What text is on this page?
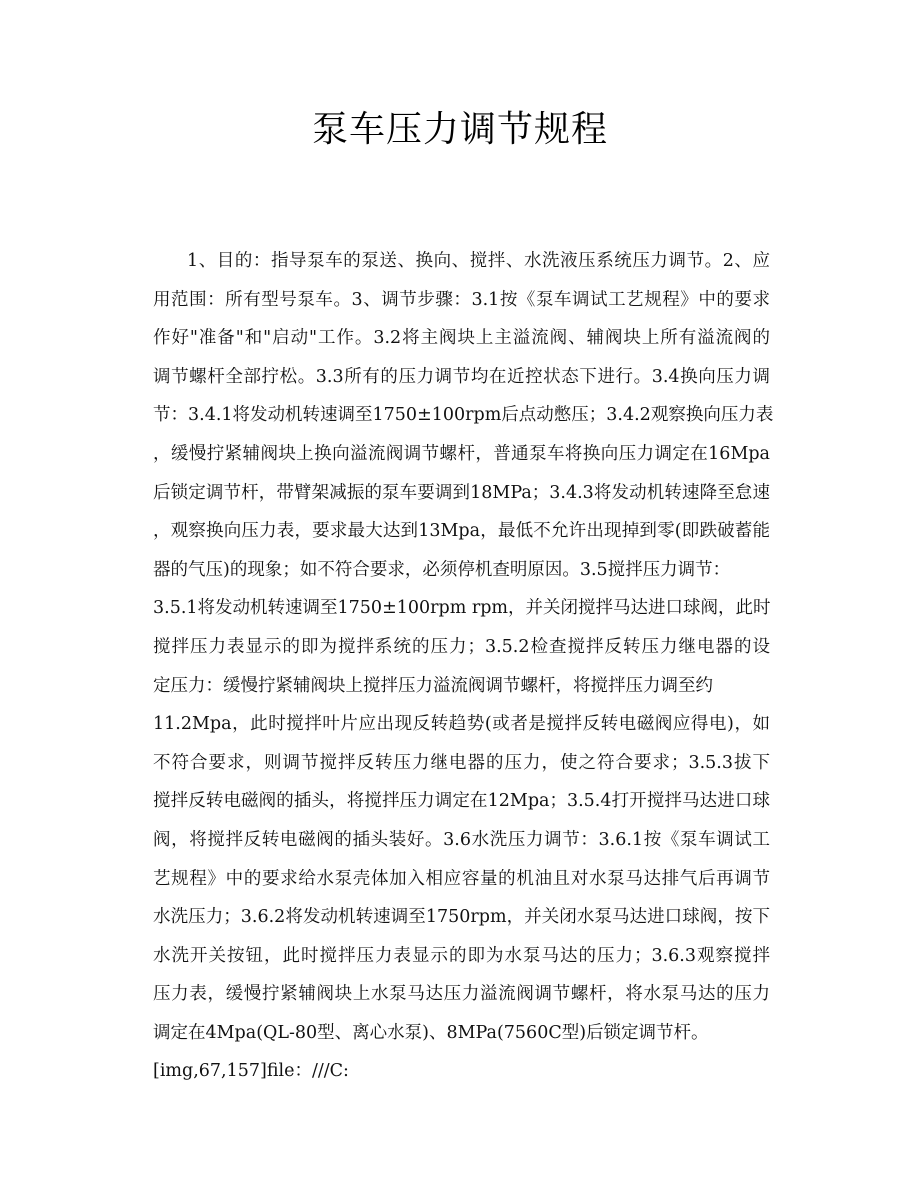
泵车压力调节规程
1、目的：指导泵车的泵送、换向、搅拌、水洗液压系统压力调节。2、应
用范围：所有型号泵车。3、调节步骤：3.1按《泵车调试工艺规程》中的要求
作好"准备"和"启动"工作。3.2将主阀块上主溢流阀、辅阀块上所有溢流阀的
调节螺杆全部拧松。3.3所有的压力调节均在近控状态下进行。3.4换向压力调
节：3.4.1将发动机转速调至1750±100rpm后点动憋压；3.4.2观察换向压力表
，缓慢拧紧辅阀块上换向溢流阀调节螺杆，普通泵车将换向压力调定在16Mpa
后锁定调节杆，带臂架减振的泵车要调到18MPa；3.4.3将发动机转速降至怠速
，观察换向压力表，要求最大达到13Mpa，最低不允许出现掉到零(即跌破蓄能
器的气压)的现象；如不符合要求，必须停机查明原因。3.5搅拌压力调节：
3.5.1将发动机转速调至1750±100rpm rpm，并关闭搅拌马达进口球阀，此时
搅拌压力表显示的即为搅拌系统的压力；3.5.2检查搅拌反转压力继电器的设
定压力：缓慢拧紧辅阀块上搅拌压力溢流阀调节螺杆，将搅拌压力调至约
11.2Mpa，此时搅拌叶片应出现反转趋势(或者是搅拌反转电磁阀应得电)，如
不符合要求，则调节搅拌反转压力继电器的压力，使之符合要求；3.5.3拔下
搅拌反转电磁阀的插头，将搅拌压力调定在12Mpa；3.5.4打开搅拌马达进口球
阀，将搅拌反转电磁阀的插头装好。3.6水洗压力调节：3.6.1按《泵车调试工
艺规程》中的要求给水泵壳体加入相应容量的机油且对水泵马达排气后再调节
水洗压力；3.6.2将发动机转速调至1750rpm，并关闭水泵马达进口球阀，按下
水洗开关按钮，此时搅拌压力表显示的即为水泵马达的压力；3.6.3观察搅拌
压力表，缓慢拧紧辅阀块上水泵马达压力溢流阀调节螺杆，将水泵马达的压力
调定在4Mpa(QL-80型、离心水泵)、8MPa(7560C型)后锁定调节杆。
[img,67,157]file：///C:
